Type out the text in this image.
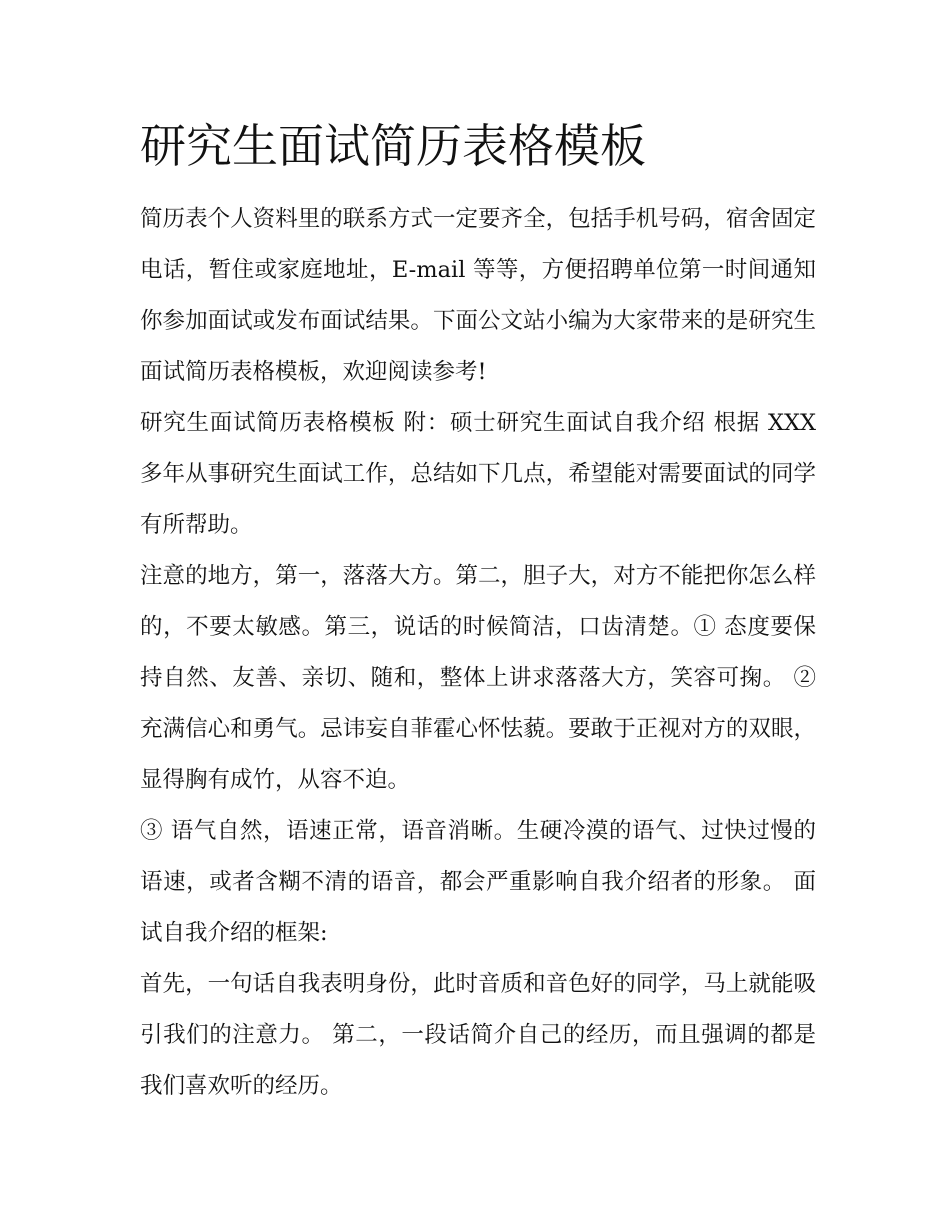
研究生面试简历表格模板

简历表个人资料里的联系方式一定要齐全，包括手机号码，宿舍固定电话，暂住或家庭地址，E-mail 等等，方便招聘单位第一时间通知你参加面试或发布面试结果。下面公文站小编为大家带来的是研究生面试简历表格模板，欢迎阅读参考!

研究生面试简历表格模板 附：硕士研究生面试自我介绍 根据 XXX 多年从事研究生面试工作，总结如下几点，希望能对需要面试的同学有所帮助。

注意的地方，第一，落落大方。第二，胆子大，对方不能把你怎么样的，不要太敏感。第三，说话的时候简洁，口齿清楚。① 态度要保持自然、友善、亲切、随和，整体上讲求落落大方，笑容可掬。 ②充满信心和勇气。忌讳妄自菲霍心怀怯藐。要敢于正视对方的双眼，显得胸有成竹，从容不迫。

③ 语气自然，语速正常，语音消晰。生硬冷漠的语气、过快过慢的语速，或者含糊不清的语音，都会严重影响自我介绍者的形象。 面试自我介绍的框架:

首先，一句话自我表明身份，此时音质和音色好的同学，马上就能吸引我们的注意力。 第二，一段话简介自己的经历，而且强调的都是我们喜欢听的经历。
